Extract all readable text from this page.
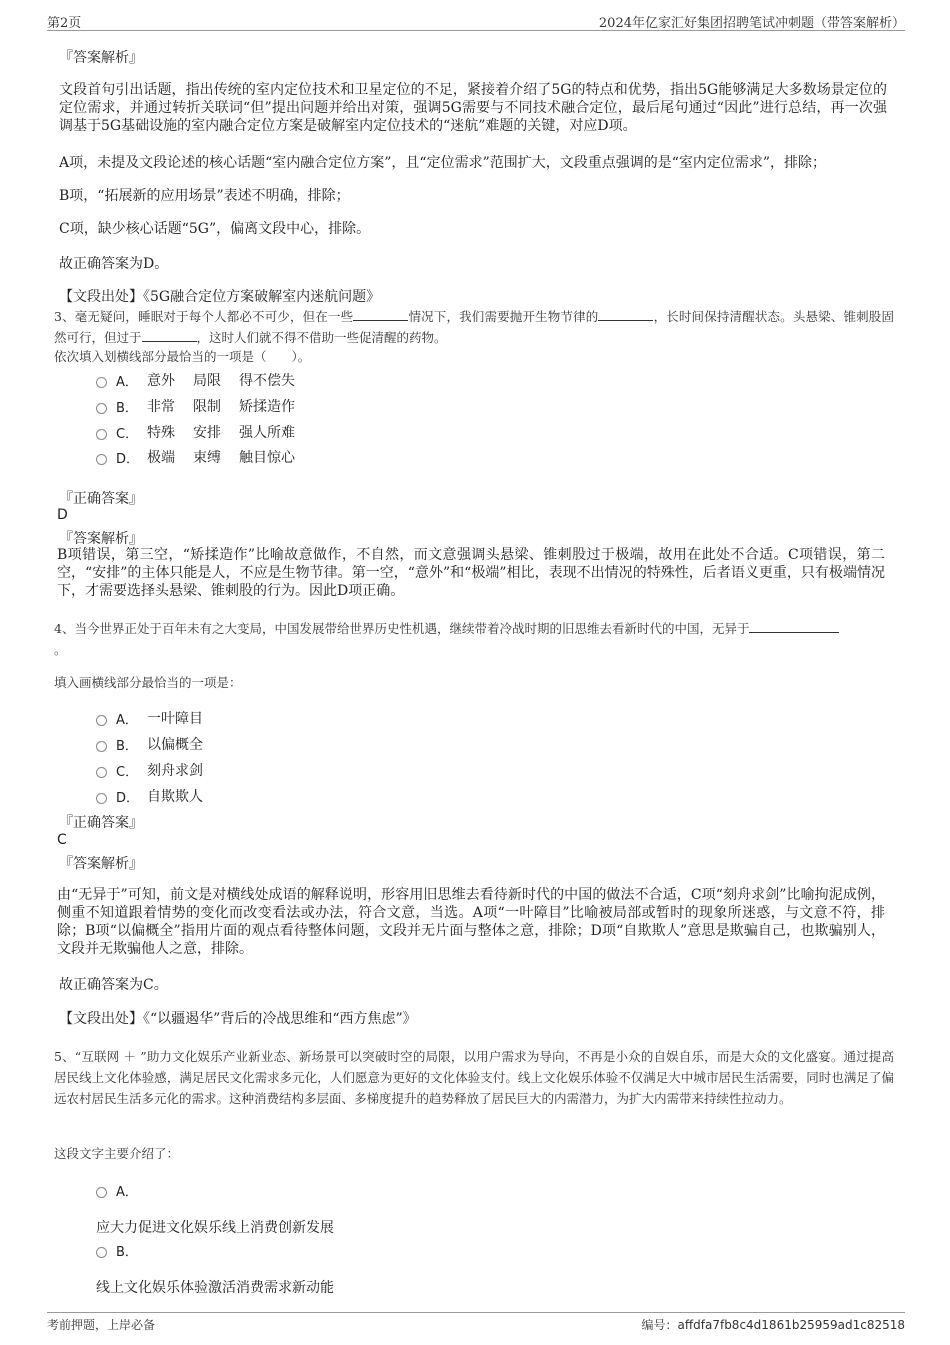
第2页	2024年亿家汇好集团招聘笔试冲刺题（带答案解析）

『答案解析』

文段首句引出话题，指出传统的室内定位技术和卫星定位的不足，紧接着介绍了5G的特点和优势，指出5G能够满足大多数场景定位的定位需求，并通过转折关联词“但”提出问题并给出对策，强调5G需要与不同技术融合定位，最后尾句通过“因此”进行总结，再一次强调基于5G基础设施的室内融合定位方案是破解室内定位技术的“迷航”难题的关键，对应D项。

A项，未提及文段论述的核心话题“室内融合定位方案”，且“定位需求”范围扩大，文段重点强调的是“室内定位需求”，排除；

B项，“拓展新的应用场景”表述不明确，排除；

C项，缺少核心话题“5G”，偏离文段中心，排除。

故正确答案为D。

【文段出处】《5G融合定位方案破解室内迷航问题》

3、毫无疑问，睡眠对于每个人都必不可少，但在一些	情况下，我们需要抛开生物节律的	，长时间保持清醒状态。头悬梁、锥刺股固然可行，但过于	，这时人们就不得不借助一些促清醒的药物。

依次填入划横线部分最恰当的一项是（　　）。

A． 意外 局限 得不偿失
B． 非常 限制 矫揉造作
C． 特殊 安排 强人所难
D． 极端 束缚 触目惊心

『正确答案』

D

『答案解析』

B项错误，第三空，“矫揉造作”比喻故意做作，不自然，而文意强调头悬梁、锥刺股过于极端，故用在此处不合适。C项错误，第二空，“安排”的主体只能是人，不应是生物节律。第一空，“意外”和“极端”相比，表现不出情况的特殊性，后者语义更重，只有极端情况下，才需要选择头悬梁、锥刺股的行为。因此D项正确。

4、当今世界正处于百年未有之大变局，中国发展带给世界历史性机遇，继续带着冷战时期的旧思维去看新时代的中国，无异于
。

填入画横线部分最恰当的一项是：

A． 一叶障目
B． 以偏概全
C． 刻舟求剑
D． 自欺欺人

『正确答案』

C

『答案解析』

由“无异于”可知，前文是对横线处成语的解释说明，形容用旧思维去看待新时代的中国的做法不合适，C项“刻舟求剑”比喻拘泥成例，侧重不知道跟着情势的变化而改变看法或办法，符合文意，当选。A项“一叶障目”比喻被局部或暂时的现象所迷惑，与文意不符，排除；B项“以偏概全”指用片面的观点看待整体问题，文段并无片面与整体之意，排除；D项“自欺欺人”意思是欺骗自己，也欺骗别人，文段并无欺骗他人之意，排除。

故正确答案为C。

【文段出处】《“以疆遏华”背后的冷战思维和“西方焦虑”》

5、“互联网 ＋ ”助力文化娱乐产业新业态、新场景可以突破时空的局限，以用户需求为导向，不再是小众的自娱自乐，而是大众的文化盛宴。通过提高居民线上文化体验感，满足居民文化需求多元化，人们愿意为更好的文化体验支付。线上文化娱乐体验不仅满足大中城市居民生活需要，同时也满足了偏远农村居民生活多元化的需求。这种消费结构多层面、多梯度提升的趋势释放了居民巨大的内需潜力，为扩大内需带来持续性拉动力。

这段文字主要介绍了：

A．

应大力促进文化娱乐线上消费创新发展

B．

线上文化娱乐体验激活消费需求新动能

考前押题，上岸必备	编号：affdfa7fb8c4d1861b25959ad1c82518
